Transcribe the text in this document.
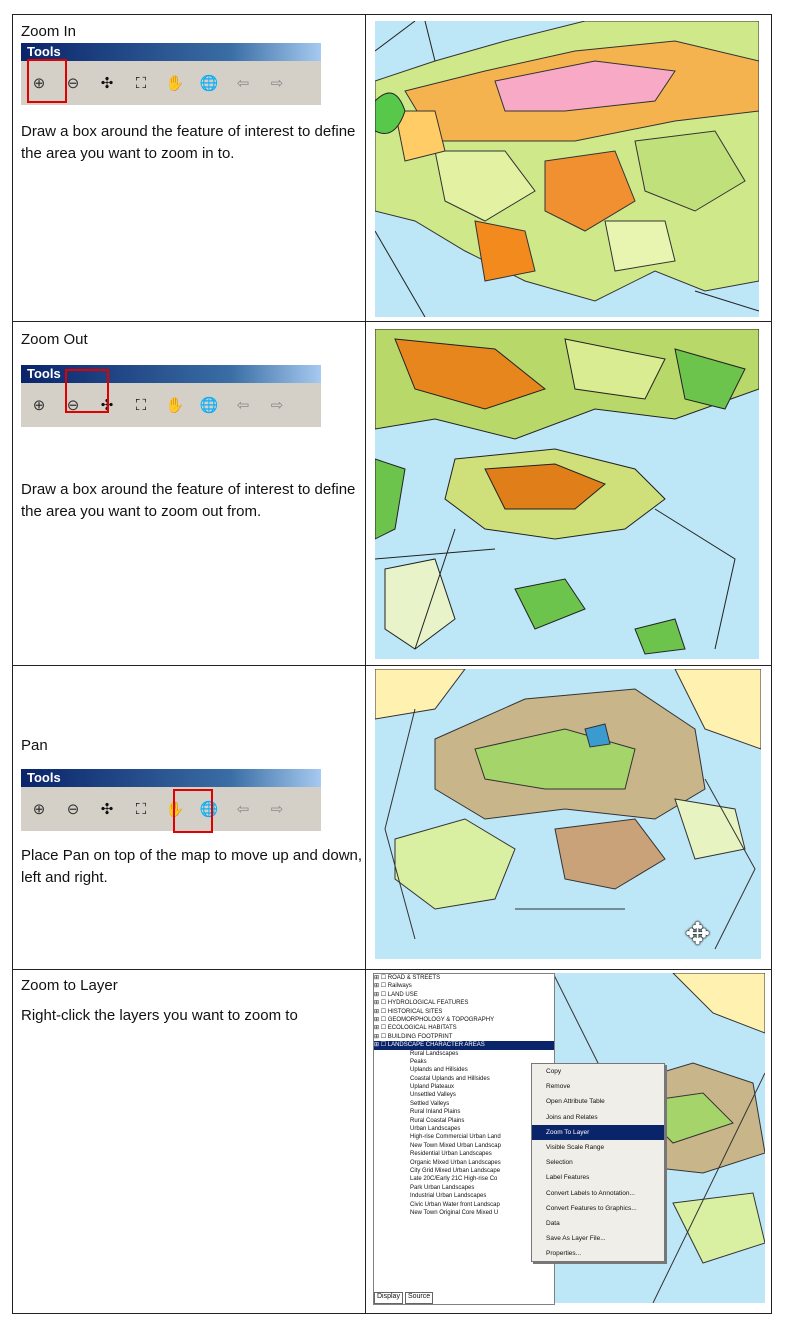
Zoom In
Tools
⊕	⊖	✣	⛶	✋ 🌐	⇦	⇨
Draw a box around the feature of interest to define the area you want to zoom in to.
Zoom Out
Tools
⊕	⊖	✣	⛶	✋ 🌐	⇦	⇨
Draw a box around the feature of interest to define the area you want to zoom out from.
Pan
Tools
⊕	⊖	✣	⛶	✋ 🌐	⇦	⇨
Place Pan on top of the map to move up and down, left and right.
✥
Zoom to Layer
Right-click the layers you want to zoom to
⊞ ☐ ROAD & STREETS
⊞ ☐ Railways
⊞ ☐ LAND USE
⊞ ☐ HYDROLOGICAL FEATURES
⊞ ☐ HISTORICAL SITES
⊞ ☐ GEOMORPHOLOGY & TOPOGRAPHY
⊞ ☐ ECOLOGICAL HABITATS
⊞ ☐ BUILDING FOOTPRINT
⊞ ☐ LANDSCAPE CHARACTER AREAS
Rural Landscapes
Peaks
Uplands and Hillsides
Coastal Uplands and Hillsides
Upland Plateaux
Unsettled Valleys
Settled Valleys
Rural Inland Plains
Rural Coastal Plains
Urban Landscapes
High-rise Commercial Urban Land
New Town Mixed Urban Landscap
Residential Urban Landscapes
Organic Mixed Urban Landscapes
City Grid Mixed Urban Landscape
Late 20C/Early 21C High-rise Co
Park Urban Landscapes
Industrial Urban Landscapes
Civic Urban Water front Landscap
New Town Original Core Mixed U
Display	Source
Copy
Remove
Open Attribute Table
Joins and Relates
Zoom To Layer
Visible Scale Range
Selection
Label Features
Convert Labels to Annotation...
Convert Features to Graphics...
Data
Save As Layer File...
Properties...
